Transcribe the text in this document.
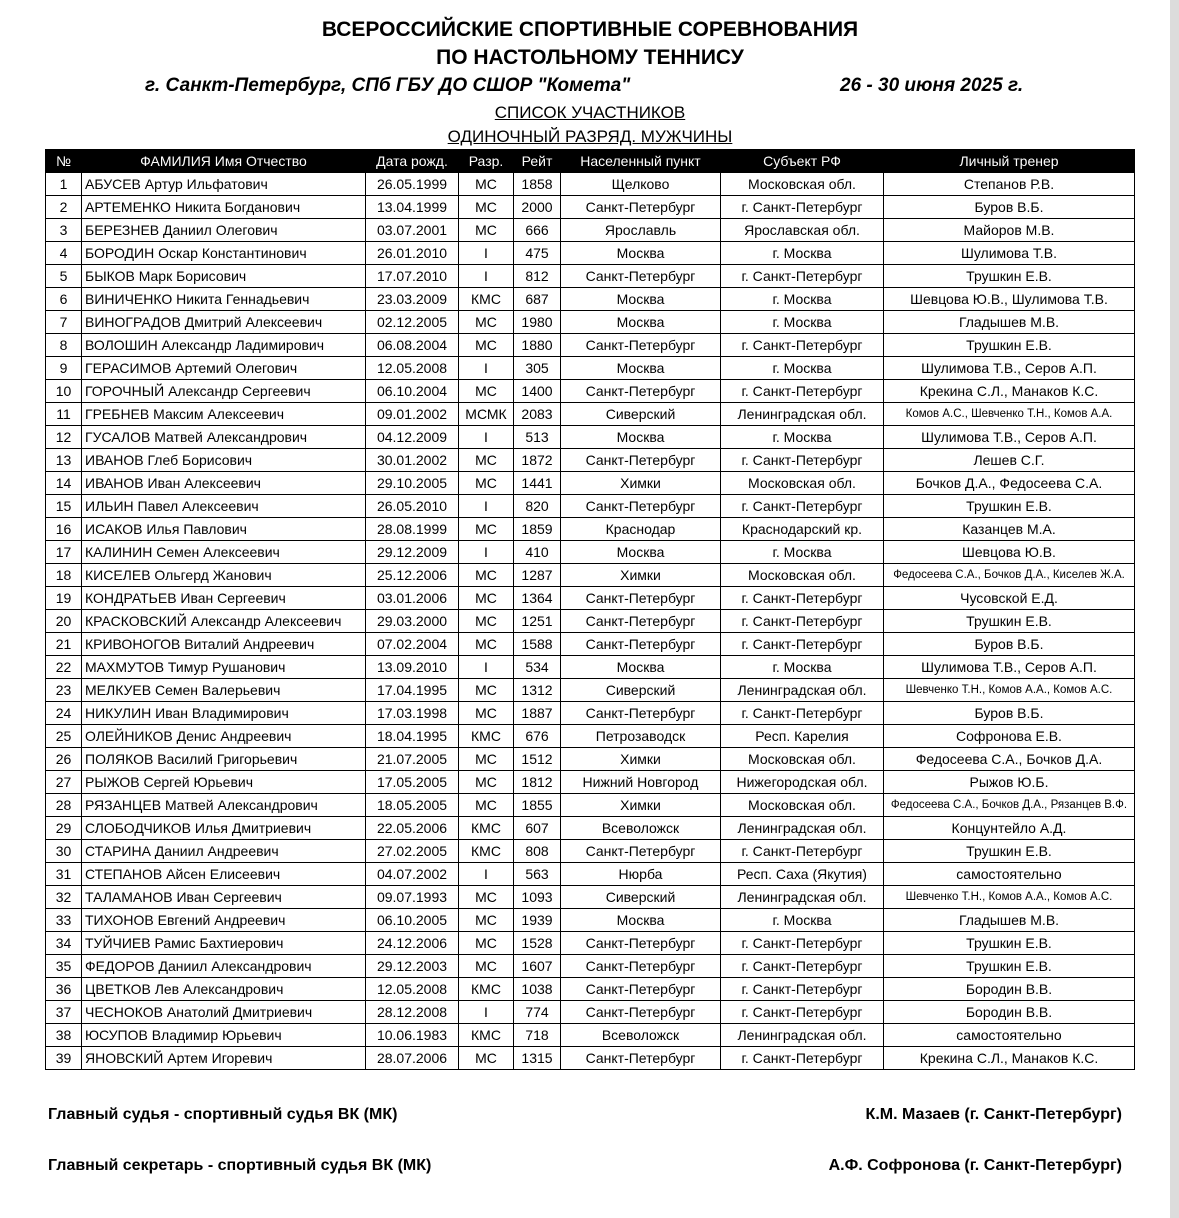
ВСЕРОССИЙСКИЕ СПОРТИВНЫЕ СОРЕВНОВАНИЯ
ПО НАСТОЛЬНОМУ ТЕННИСУ
г. Санкт-Петербург, СПб ГБУ ДО СШОР "Комета"	26 - 30 июня 2025 г.
СПИСОК УЧАСТНИКОВ
ОДИНОЧНЫЙ РАЗРЯД. МУЖЧИНЫ
№	ФАМИЛИЯ Имя Отчество	Дата рожд.	Разр.	Рейт	Населенный пункт	Субъект РФ	Личный тренер
1	АБУСЕВ Артур Ильфатович	26.05.1999	МС	1858	Щелково	Московская обл.	Степанов Р.В.
2	АРТЕМЕНКО Никита Богданович	13.04.1999	МС	2000	Санкт-Петербург	г. Санкт-Петербург	Буров В.Б.
3	БЕРЕЗНЕВ Даниил Олегович	03.07.2001	МС	666	Ярославль	Ярославская обл.	Майоров М.В.
4	БОРОДИН Оскар Константинович	26.01.2010	I	475	Москва	г. Москва	Шулимова Т.В.
5	БЫКОВ Марк Борисович	17.07.2010	I	812	Санкт-Петербург	г. Санкт-Петербург	Трушкин Е.В.
6	ВИНИЧЕНКО Никита Геннадьевич	23.03.2009	КМС	687	Москва	г. Москва	Шевцова Ю.В., Шулимова Т.В.
7	ВИНОГРАДОВ Дмитрий Алексеевич	02.12.2005	МС	1980	Москва	г. Москва	Гладышев М.В.
8	ВОЛОШИН Александр Ладимирович	06.08.2004	МС	1880	Санкт-Петербург	г. Санкт-Петербург	Трушкин Е.В.
9	ГЕРАСИМОВ Артемий Олегович	12.05.2008	I	305	Москва	г. Москва	Шулимова Т.В., Серов А.П.
10	ГОРОЧНЫЙ Александр Сергеевич	06.10.2004	МС	1400	Санкт-Петербург	г. Санкт-Петербург	Крекина С.Л., Манаков К.С.
11	ГРЕБНЕВ Максим Алексеевич	09.01.2002	МСМК	2083	Сиверский	Ленинградская обл.	Комов А.С., Шевченко Т.Н., Комов А.А.
12	ГУСАЛОВ Матвей Александрович	04.12.2009	I	513	Москва	г. Москва	Шулимова Т.В., Серов А.П.
13	ИВАНОВ Глеб Борисович	30.01.2002	МС	1872	Санкт-Петербург	г. Санкт-Петербург	Лешев С.Г.
14	ИВАНОВ Иван Алексеевич	29.10.2005	МС	1441	Химки	Московская обл.	Бочков Д.А., Федосеева С.А.
15	ИЛЬИН Павел Алексеевич	26.05.2010	I	820	Санкт-Петербург	г. Санкт-Петербург	Трушкин Е.В.
16	ИСАКОВ Илья Павлович	28.08.1999	МС	1859	Краснодар	Краснодарский кр.	Казанцев М.А.
17	КАЛИНИН Семен Алексеевич	29.12.2009	I	410	Москва	г. Москва	Шевцова Ю.В.
18	КИСЕЛЕВ Ольгерд Жанович	25.12.2006	МС	1287	Химки	Московская обл.	Федосеева С.А., Бочков Д.А., Киселев Ж.А.
19	КОНДРАТЬЕВ Иван Сергеевич	03.01.2006	МС	1364	Санкт-Петербург	г. Санкт-Петербург	Чусовской Е.Д.
20	КРАСКОВСКИЙ Александр Алексеевич	29.03.2000	МС	1251	Санкт-Петербург	г. Санкт-Петербург	Трушкин Е.В.
21	КРИВОНОГОВ Виталий Андреевич	07.02.2004	МС	1588	Санкт-Петербург	г. Санкт-Петербург	Буров В.Б.
22	МАХМУТОВ Тимур Рушанович	13.09.2010	I	534	Москва	г. Москва	Шулимова Т.В., Серов А.П.
23	МЕЛКУЕВ Семен Валерьевич	17.04.1995	МС	1312	Сиверский	Ленинградская обл.	Шевченко Т.Н., Комов А.А., Комов А.С.
24	НИКУЛИН Иван Владимирович	17.03.1998	МС	1887	Санкт-Петербург	г. Санкт-Петербург	Буров В.Б.
25	ОЛЕЙНИКОВ Денис Андреевич	18.04.1995	КМС	676	Петрозаводск	Респ. Карелия	Софронова Е.В.
26	ПОЛЯКОВ Василий Григорьевич	21.07.2005	МС	1512	Химки	Московская обл.	Федосеева С.А., Бочков Д.А.
27	РЫЖОВ Сергей Юрьевич	17.05.2005	МС	1812	Нижний Новгород	Нижегородская обл.	Рыжов Ю.Б.
28	РЯЗАНЦЕВ Матвей Александрович	18.05.2005	МС	1855	Химки	Московская обл.	Федосеева С.А., Бочков Д.А., Рязанцев В.Ф.
29	СЛОБОДЧИКОВ Илья Дмитриевич	22.05.2006	КМС	607	Всеволожск	Ленинградская обл.	Концунтейло А.Д.
30	СТАРИНА Даниил Андреевич	27.02.2005	КМС	808	Санкт-Петербург	г. Санкт-Петербург	Трушкин Е.В.
31	СТЕПАНОВ Айсен Елисеевич	04.07.2002	I	563	Нюрба	Респ. Саха (Якутия)	самостоятельно
32	ТАЛАМАНОВ Иван Сергеевич	09.07.1993	МС	1093	Сиверский	Ленинградская обл.	Шевченко Т.Н., Комов А.А., Комов А.С.
33	ТИХОНОВ Евгений Андреевич	06.10.2005	МС	1939	Москва	г. Москва	Гладышев М.В.
34	ТУЙЧИЕВ Рамис Бахтиерович	24.12.2006	МС	1528	Санкт-Петербург	г. Санкт-Петербург	Трушкин Е.В.
35	ФЕДОРОВ Даниил Александрович	29.12.2003	МС	1607	Санкт-Петербург	г. Санкт-Петербург	Трушкин Е.В.
36	ЦВЕТКОВ Лев Александрович	12.05.2008	КМС	1038	Санкт-Петербург	г. Санкт-Петербург	Бородин В.В.
37	ЧЕСНОКОВ Анатолий Дмитриевич	28.12.2008	I	774	Санкт-Петербург	г. Санкт-Петербург	Бородин В.В.
38	ЮСУПОВ Владимир Юрьевич	10.06.1983	КМС	718	Всеволожск	Ленинградская обл.	самостоятельно
39	ЯНОВСКИЙ Артем Игоревич	28.07.2006	МС	1315	Санкт-Петербург	г. Санкт-Петербург	Крекина С.Л., Манаков К.С.
Главный судья - спортивный судья ВК (МК)	К.М. Мазаев (г. Санкт-Петербург)
Главный секретарь - спортивный судья ВК (МК)	А.Ф. Софронова (г. Санкт-Петербург)
